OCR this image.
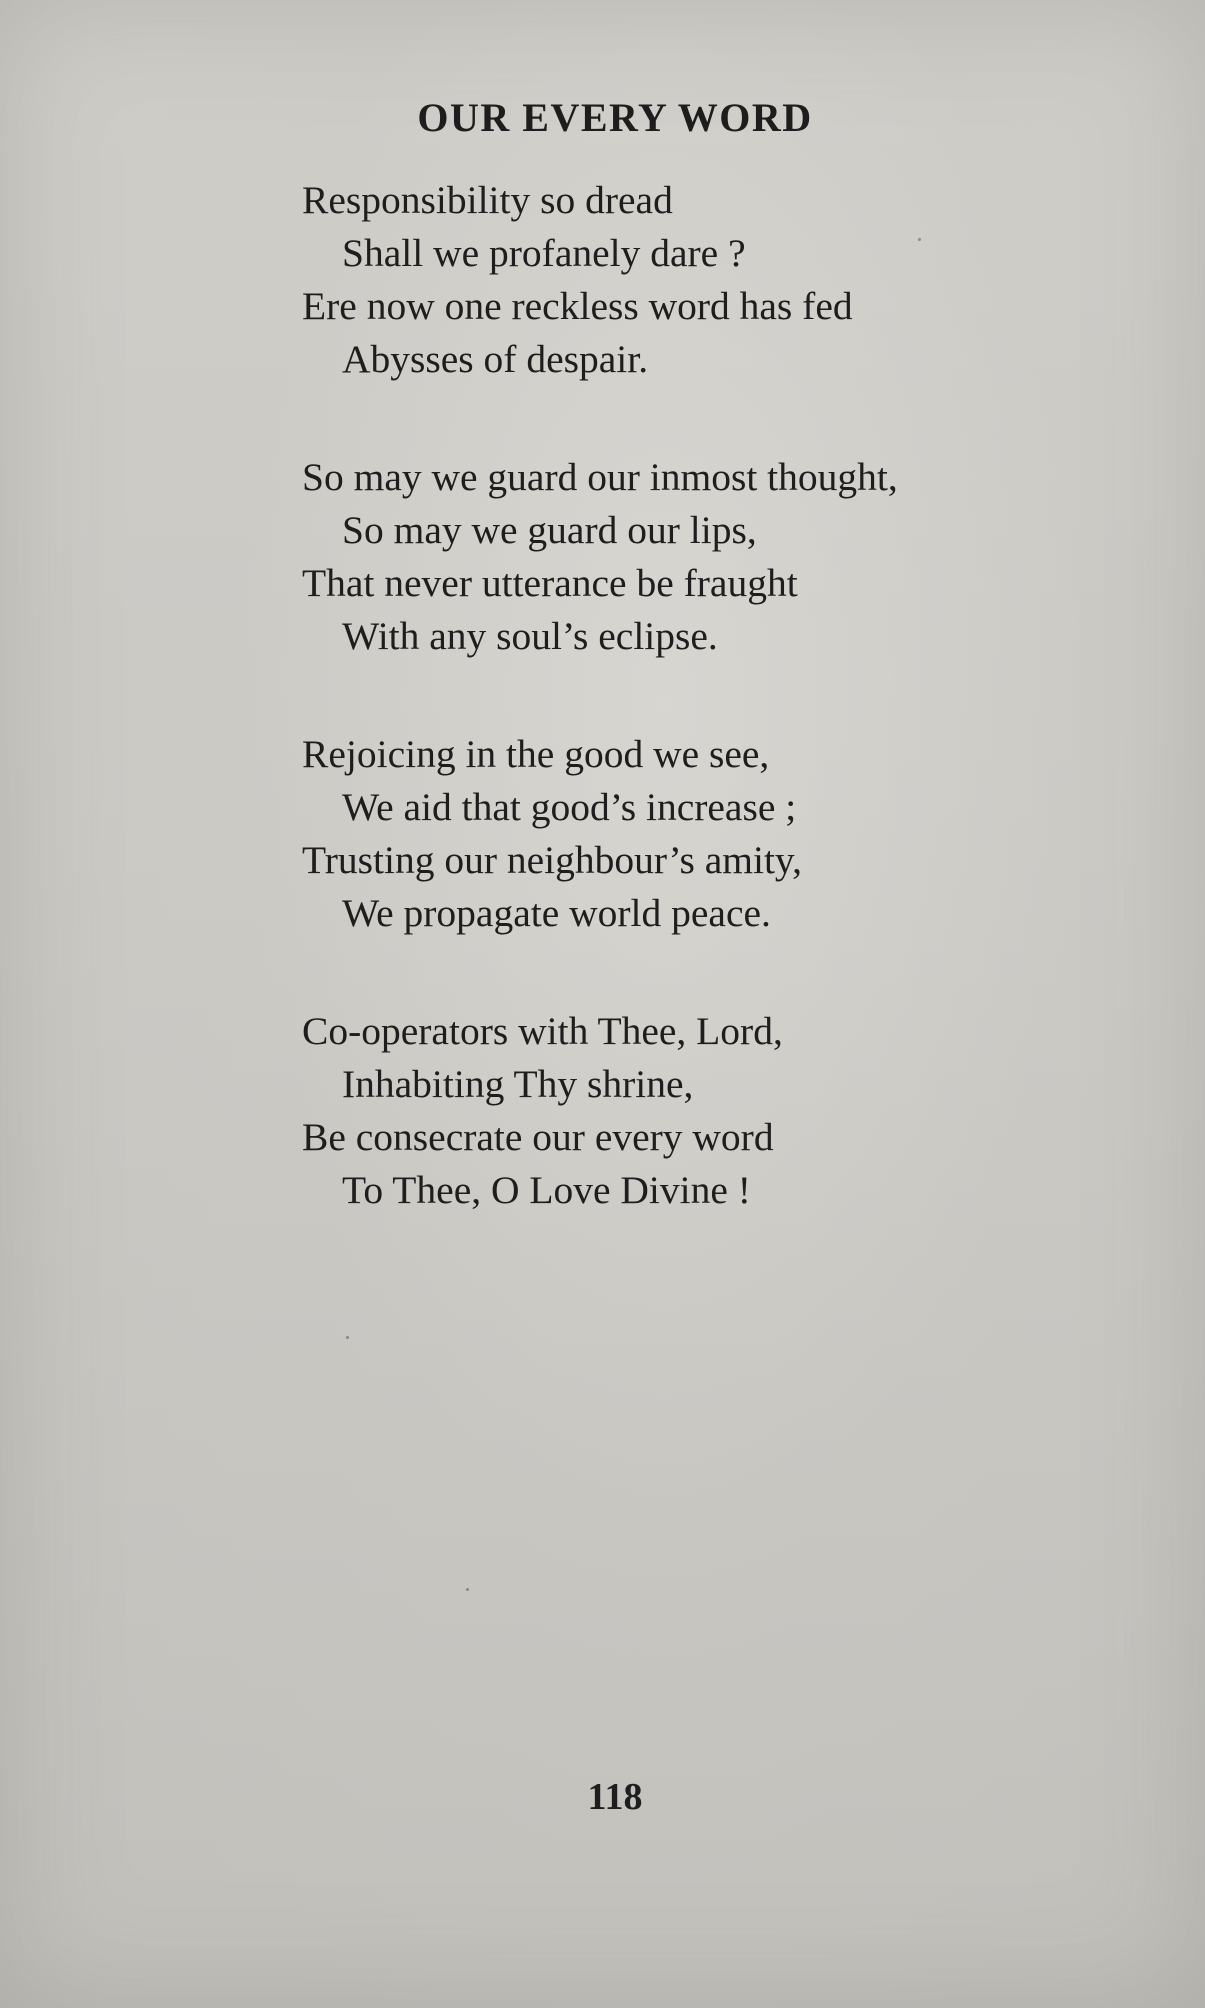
OUR EVERY WORD
Responsibility so dread
Shall we profanely dare ?
Ere now one reckless word has fed
Abysses of despair.
So may we guard our inmost thought,
So may we guard our lips,
That never utterance be fraught
With any soul’s eclipse.
Rejoicing in the good we see,
We aid that good’s increase ;
Trusting our neighbour’s amity,
We propagate world peace.
Co-operators with Thee, Lord,
Inhabiting Thy shrine,
Be consecrate our every word
To Thee, O Love Divine !
118
